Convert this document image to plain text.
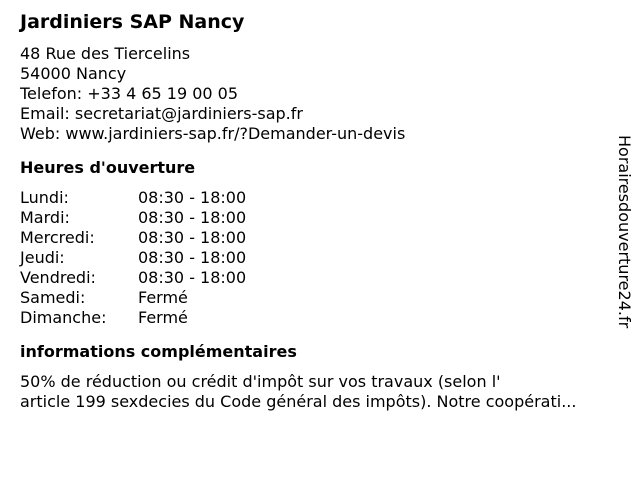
Jardiniers SAP Nancy
48 Rue des Tiercelins
54000 Nancy
Telefon: +33 4 65 19 00 05
Email: secretariat@jardiniers-sap.fr
Web: www.jardiniers-sap.fr/?Demander-un-devis
Heures d'ouverture
Lundi:	08:30 - 18:00
Mardi:	08:30 - 18:00
Mercredi:	08:30 - 18:00
Jeudi:	08:30 - 18:00
Vendredi:	08:30 - 18:00
Samedi:	Fermé
Dimanche:	Fermé
informations complémentaires
50% de réduction ou crédit d'impôt sur vos travaux (selon l'
article 199 sexdecies du Code général des impôts). Notre coopérati...
Horairesdouverture24.fr
